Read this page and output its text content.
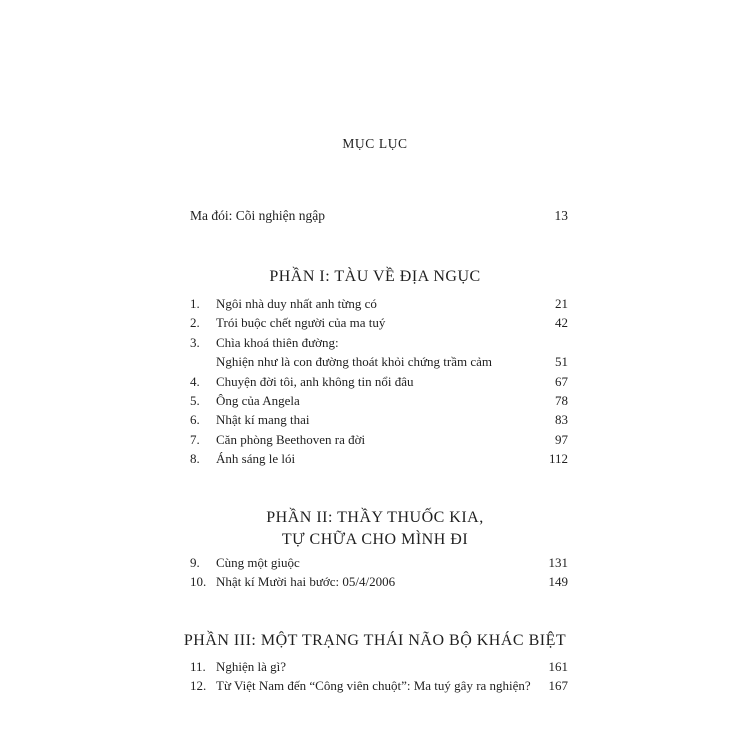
MỤC LỤC
Ma đói: Cõi nghiện ngập	13
PHẦN I: TÀU VỀ ĐỊA NGỤC
1.	Ngôi nhà duy nhất anh từng có	21
2.	Trói buộc chết người của ma tuý	42
3.	Chìa khoá thiên đường:
Nghiện như là con đường thoát khỏi chứng trầm cảm	51
4.	Chuyện đời tôi, anh không tin nổi đâu	67
5.	Ông của Angela	78
6.	Nhật kí mang thai	83
7.	Căn phòng Beethoven ra đời	97
8.	Ánh sáng le lói	112
PHẦN II: THẦY THUỐC KIA,
TỰ CHỮA CHO MÌNH ĐI
9.	Cùng một giuộc	131
10. Nhật kí Mười hai bước: 05/4/2006	149
PHẦN III: MỘT TRẠNG THÁI NÃO BỘ KHÁC BIỆT
11. Nghiện là gì?	161
12. Từ Việt Nam đến “Công viên chuột”: Ma tuý gây ra nghiện?	167
